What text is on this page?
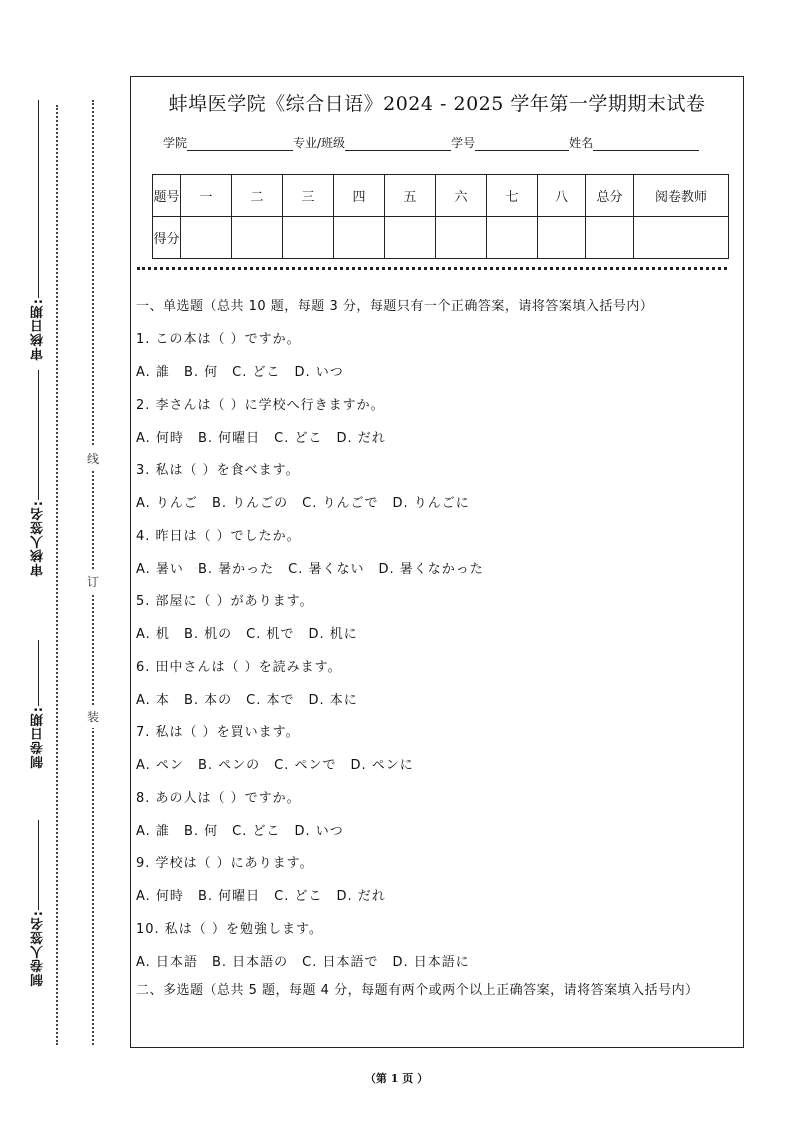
审核日期:
审核人签名:
制卷日期:
制卷人签名:
线
订
装
蚌埠医学院《综合日语》2024 - 2025 学年第一学期期末试卷
学院	专业/班级	学号	姓名
题号	一	二	三	四	五	六	七	八	总分	阅卷教师
得分										
一、单选题（总共 10 题，每题 3 分，每题只有一个正确答案，请将答案填入括号内）
1. この本は（ ）ですか。
A. 誰 B. 何 C. どこ D. いつ
2. 李さんは（ ）に学校へ行きますか。
A. 何時 B. 何曜日 C. どこ D. だれ
3. 私は（ ）を食べます。
A. りんご B. りんごの C. りんごで D. りんごに
4. 昨日は（ ）でしたか。
A. 暑い B. 暑かった C. 暑くない D. 暑くなかった
5. 部屋に（ ）があります。
A. 机 B. 机の C. 机で D. 机に
6. 田中さんは（ ）を読みます。
A. 本 B. 本の C. 本で D. 本に
7. 私は（ ）を買います。
A. ペン B. ペンの C. ペンで D. ペンに
8. あの人は（ ）ですか。
A. 誰 B. 何 C. どこ D. いつ
9. 学校は（ ）にあります。
A. 何時 B. 何曜日 C. どこ D. だれ
10. 私は（ ）を勉強します。
A. 日本語 B. 日本語の C. 日本語で D. 日本語に
二、多选题（总共 5 题，每题 4 分，每题有两个或两个以上正确答案，请将答案填入括号内）
（第 1 页 ）
